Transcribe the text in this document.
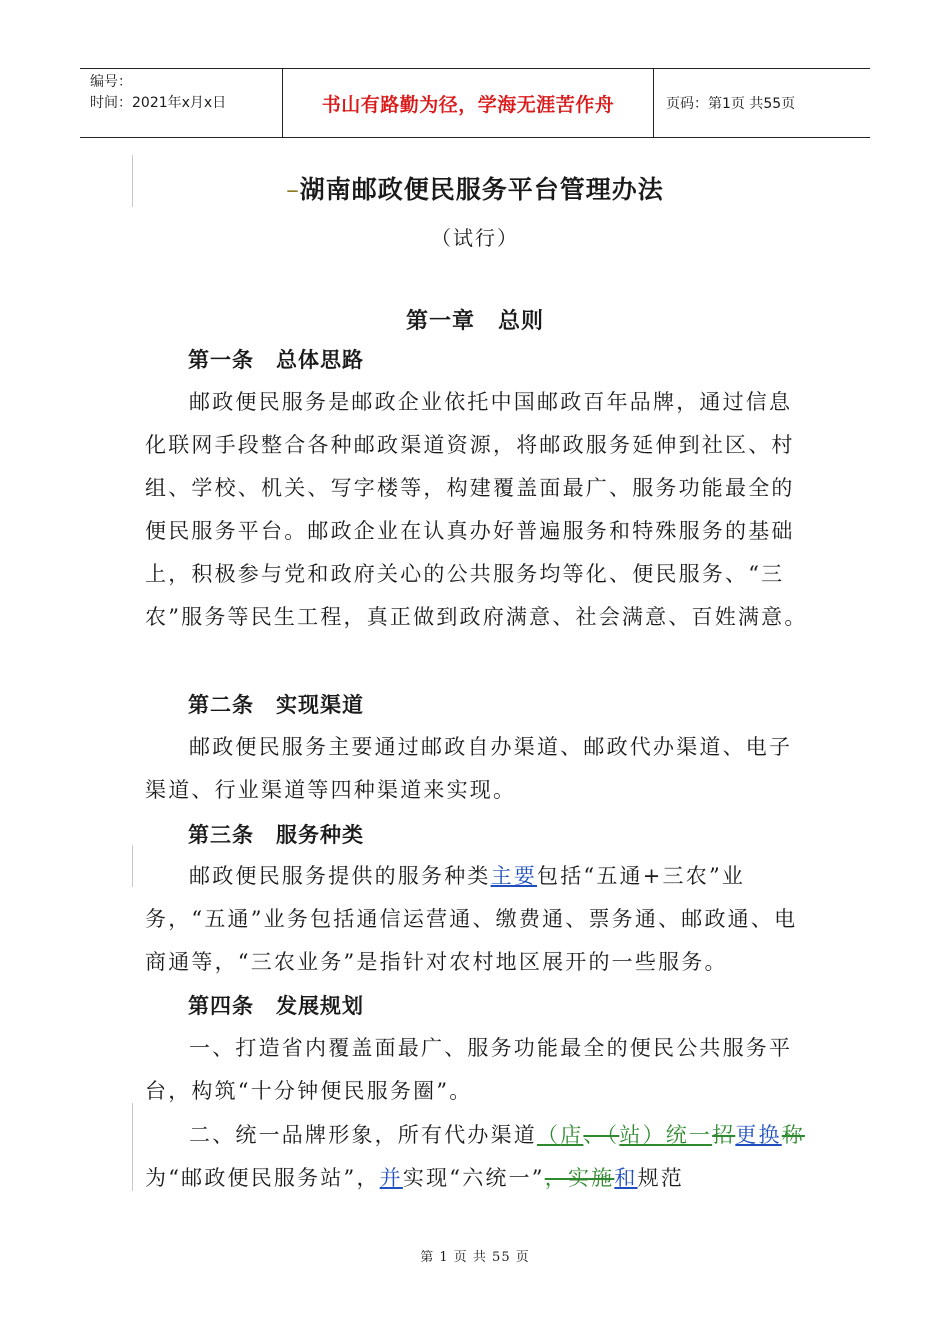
编号：
时间：2021年x月x日	书山有路勤为径，学海无涯苦作舟	页码：第1页 共55页
–湖南邮政便民服务平台管理办法
（试行）
第一章　总则
第一条　总体思路

邮政便民服务是邮政企业依托中国邮政百年品牌，通过信息化联网手段整合各种邮政渠道资源，将邮政服务延伸到社区、村组、学校、机关、写字楼等，构建覆盖面最广、服务功能最全的便民服务平台。邮政企业在认真办好普遍服务和特殊服务的基础上，积极参与党和政府关心的公共服务均等化、便民服务、“三农”服务等民生工程，真正做到政府满意、社会满意、百姓满意。

第二条　实现渠道

邮政便民服务主要通过邮政自办渠道、邮政代办渠道、电子渠道、行业渠道等四种渠道来实现。

第三条　服务种类

邮政便民服务提供的服务种类主要包括“五通+三农”业务，“五通”业务包括通信运营通、缴费通、票务通、邮政通、电商通等，“三农业务”是指针对农村地区展开的一些服务。

第四条　发展规划

一、打造省内覆盖面最广、服务功能最全的便民公共服务平台，构筑“十分钟便民服务圈”。

二、统一品牌形象，所有代办渠道（店、（站）统一招更换称为“邮政便民服务站”，并实现“六统一”，实施和规范

第 1 页 共 55 页
